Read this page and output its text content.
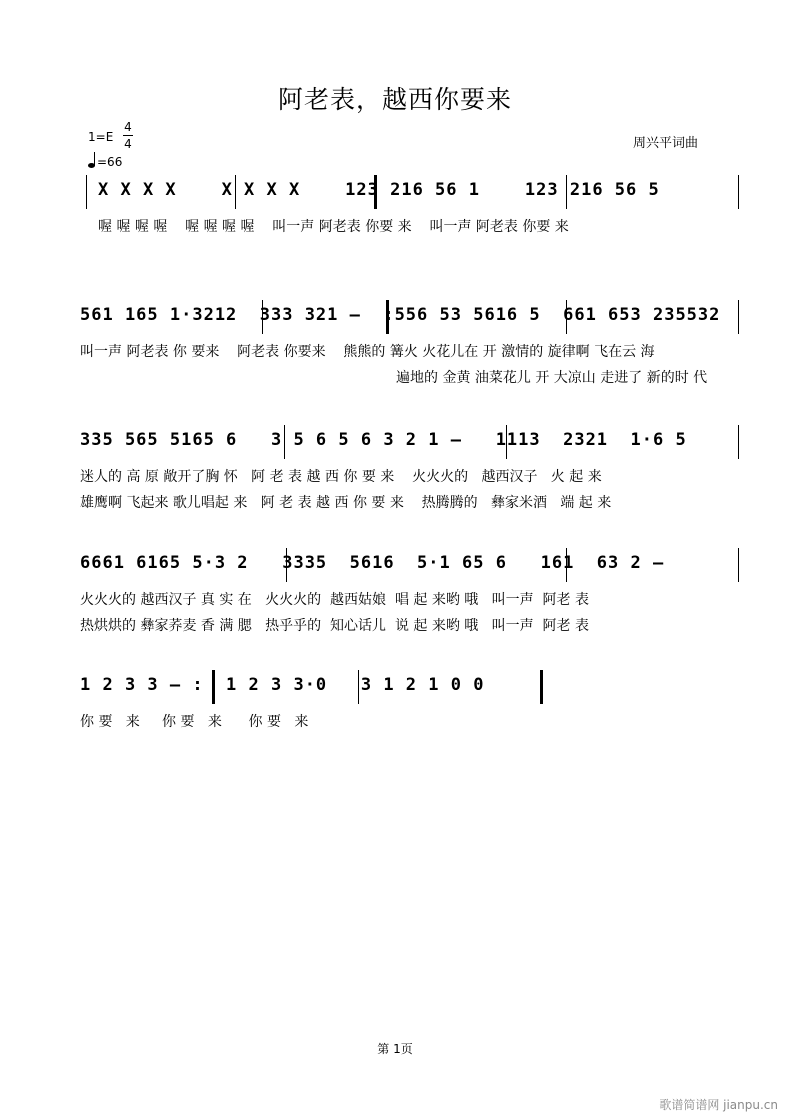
阿老表，越西你要来
周兴平词曲
1=E
4
4
=66
X X X X    X X X X    123 216 56 1    123 216 56 5
喔 喔 喔 喔    喔 喔 喔 喔    叫一声 阿老表 你要 来    叫一声 阿老表 你要 来
561 165 1·3212  333 321 –  :556 53 5616 5  661 653 235532
叫一声 阿老表 你 要来    阿老表 你要来    熊熊的 篝火 火花儿在 开 激情的 旋律啊 飞在云 海
遍地的 金黄 油菜花儿 开 大凉山 走进了 新的时 代
335 565 5165 6   3 5 6 5 6 3 2 1 –   1113  2321  1·6 5
迷人的 高 原 敞开了胸 怀   阿 老 表 越 西 你 要 来    火火火的   越西汉子   火 起 来
雄鹰啊 飞起来 歌儿唱起 来   阿 老 表 越 西 你 要 来    热腾腾的   彝家米酒   端 起 来
6661 6165 5·3 2   3335  5616  5·1 65 6   161  63 2 –
火火火的 越西汉子 真 实 在   火火火的  越西姑娘  唱 起 来哟 哦   叫一声  阿老 表
热烘烘的 彝家荞麦 香 满 腮   热乎乎的  知心话儿  说 起 来哟 哦   叫一声  阿老 表
1 2 3 3 – :  1 2 3 3·0   3 1 2 1 0 0
你 要   来     你 要   来      你 要   来
第 1页
歌谱简谱网 jianpu.cn
